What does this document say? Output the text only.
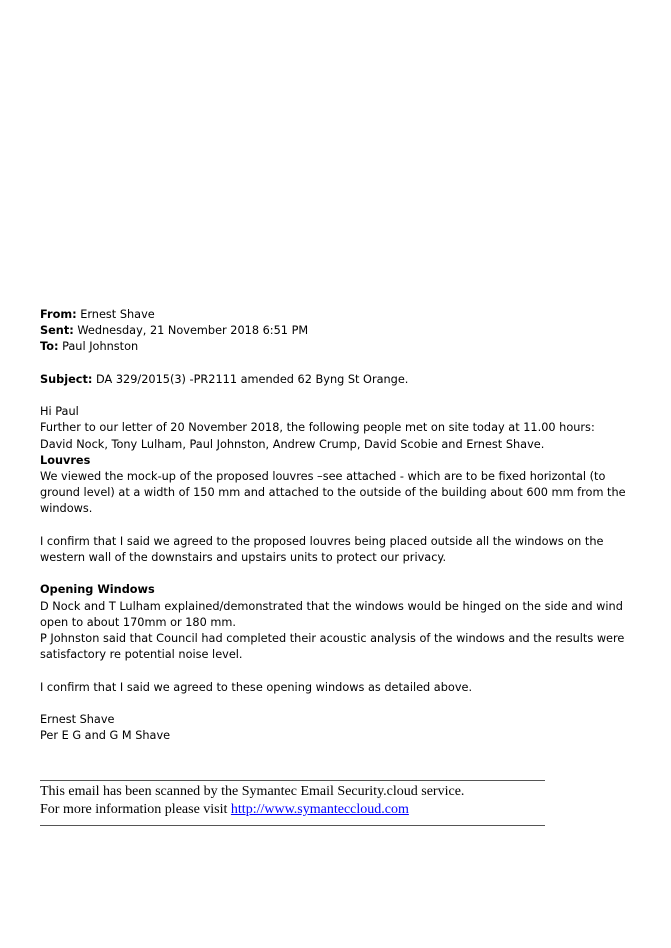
From: Ernest Shave

Sent: Wednesday, 21 November 2018 6:51 PM

To: Paul Johnston

Subject: DA 329/2015(3) -PR2111 amended 62 Byng St Orange.

Hi Paul

Further to our letter of 20 November 2018, the following people met on site today at 11.00 hours:

David Nock, Tony Lulham, Paul Johnston, Andrew Crump, David Scobie and Ernest Shave.

Louvres

We viewed the mock-up of the proposed louvres –see attached - which are to be fixed horizontal (to ground level) at a width of 150 mm and attached to the outside of the building about 600 mm from the windows.

I confirm that I said we agreed to the proposed louvres being placed outside all the windows on the western wall of the downstairs and upstairs units to protect our privacy.

Opening Windows

D Nock and T Lulham explained/demonstrated that the windows would be hinged on the side and wind open to about 170mm or 180 mm.

P Johnston said that Council had completed their acoustic analysis of the windows and the results were satisfactory re potential noise level.

I confirm that I said we agreed to these opening windows as detailed above.

Ernest Shave

Per E G and G M Shave

This email has been scanned by the Symantec Email Security.cloud service.

For more information please visit http://www.symanteccloud.com
